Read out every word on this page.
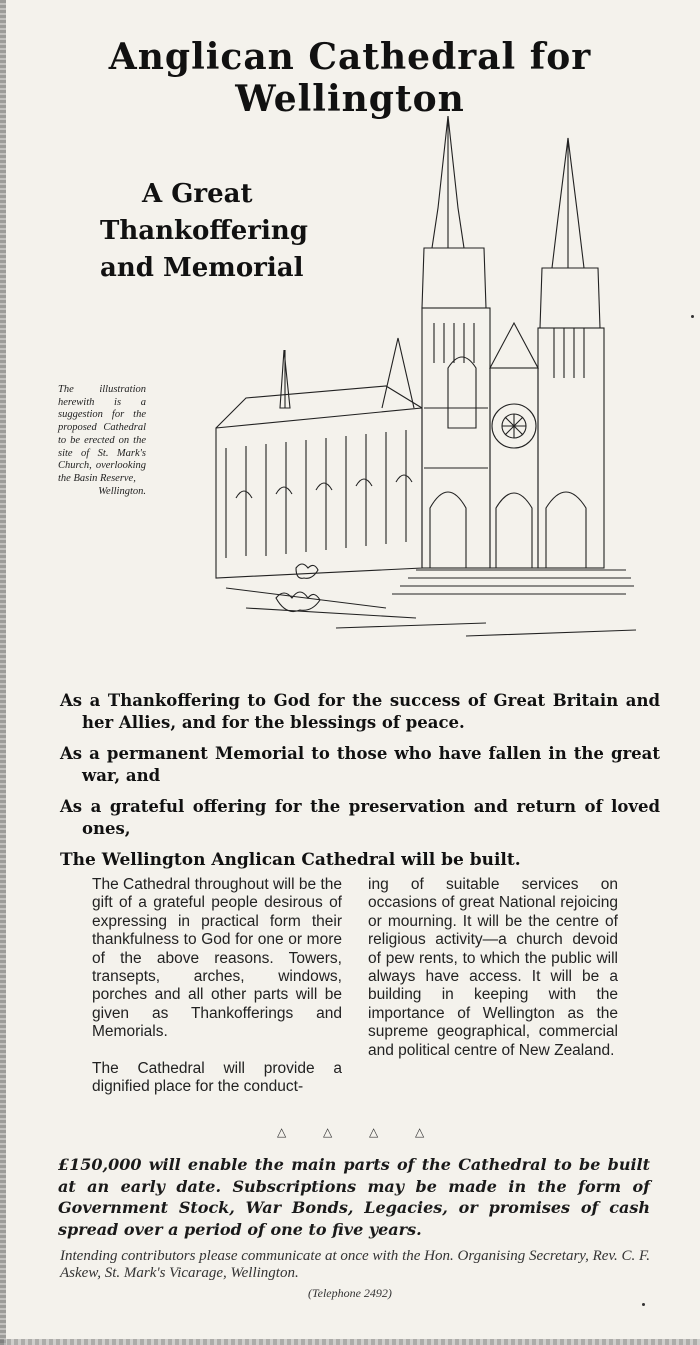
Anglican Cathedral for Wellington
A Great
Thankoffering
and Memorial
The illustration herewith is a suggestion for the proposed Cathedral to be erected on the site of St. Mark's Church, overlooking the Basin Reserve,
Wellington.
As a Thankoffering to God for the success of Great Britain and her Allies, and for the blessings of peace.
As a permanent Memorial to those who have fallen in the great war, and
As a grateful offering for the preservation and return of loved ones,
The Wellington Anglican Cathedral will be built.

The Cathedral throughout will be the gift of a grateful people desirous of expressing in practical form their thankfulness to God for one or more of the above reasons. Towers, transepts, arches, windows, porches and all other parts will be given as Thankofferings and Memorials.

The Cathedral will provide a dignified place for the conduct-

ing of suitable services on occasions of great National rejoicing or mourning. It will be the centre of religious activity—a church devoid of pew rents, to which the public will always have access. It will be a building in keeping with the importance of Wellington as the supreme geographical, commercial and political centre of New Zealand.

△	△	△	△
£150,000 will enable the main parts of the Cathedral to be built at an early date. Subscriptions may be made in the form of Government Stock, War Bonds, Legacies, or promises of cash spread over a period of one to five years.
Intending contributors please communicate at once with the Hon. Organising Secretary, Rev. C. F. Askew, St. Mark's Vicarage, Wellington.
(Telephone 2492)
